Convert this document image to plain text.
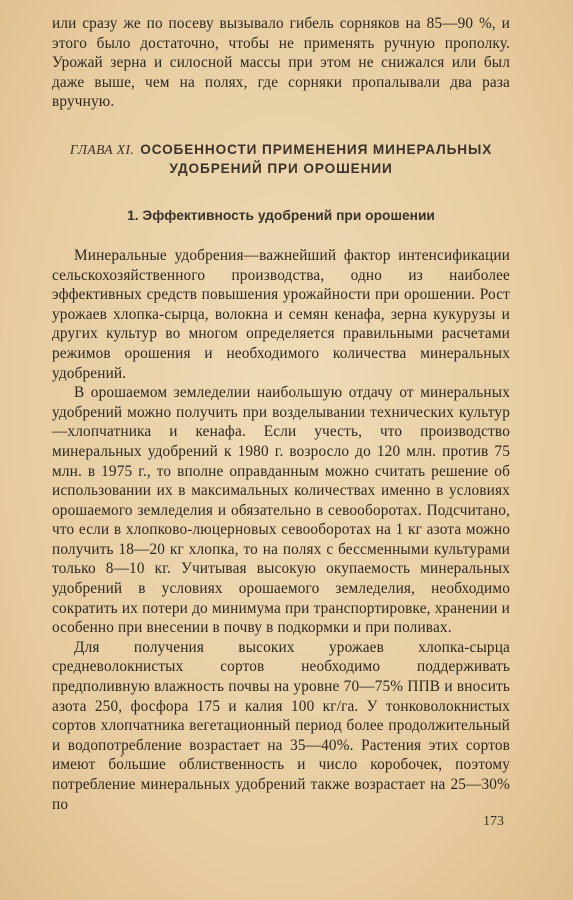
или сразу же по посеву вызывало гибель сорняков на 85—90 %, и этого было достаточно, чтобы не применять ручную прополку. Урожай зерна и силосной массы при этом не снижался или был даже выше, чем на полях, где сорняки пропалывали два раза вручную.

ГЛАВА XI. ОСОБЕННОСТИ ПРИМЕНЕНИЯ МИНЕРАЛЬНЫХ
УДОБРЕНИЙ ПРИ ОРОШЕНИИ
1. Эффективность удобрений при орошении

Минеральные удобрения—важнейший фактор интенсификации сельскохозяйственного производства, одно из наиболее эффективных средств повышения урожайности при орошении. Рост урожаев хлопка-сырца, волокна и семян кенафа, зерна кукурузы и других культур во многом определяется правильными расчетами режимов орошения и необходимого количества минеральных удобрений.

В орошаемом земледелии наибольшую отдачу от минеральных удобрений можно получить при возделывании технических культур—хлопчатника и кенафа. Если учесть, что производство минеральных удобрений к 1980 г. возросло до 120 млн. против 75 млн. в 1975 г., то вполне оправданным можно считать решение об использовании их в максимальных количествах именно в условиях орошаемого земледелия и обязательно в севооборотах. Подсчитано, что если в хлопково-люцерновых севооборотах на 1 кг азота можно получить 18—20 кг хлопка, то на полях с бессменными культурами только 8—10 кг. Учитывая высокую окупаемость минеральных удобрений в условиях орошаемого земледелия, необходимо сократить их потери до минимума при транспортировке, хранении и особенно при внесении в почву в подкормки и при поливах.

Для получения высоких урожаев хлопка-сырца средневолокнистых сортов необходимо поддерживать предполивную влажность почвы на уровне 70—75% ППВ и вносить азота 250, фосфора 175 и калия 100 кг/га. У тонковолокнистых сортов хлопчатника вегетационный период более продолжительный и водопотребление возрастает на 35—40%. Растения этих сортов имеют бо́льшие облиственность и число коробочек, поэтому потребление минеральных удобрений также возрастает на 25—30% по

173
